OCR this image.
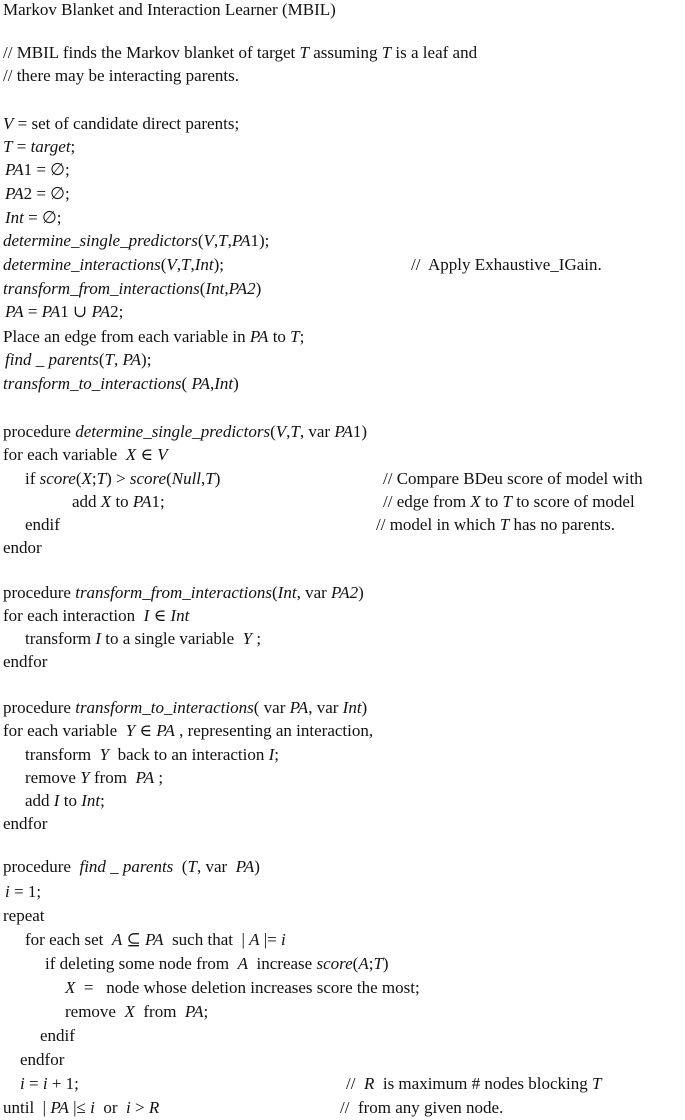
Markov Blanket and Interaction Learner (MBIL)
// MBIL finds the Markov blanket of target T assuming T is a leaf and
// there may be interacting parents.
V = set of candidate direct parents;
T = target;
PA1 = ∅;
PA2 = ∅;
Int = ∅;
determine_single_predictors(V,T,PA1);
determine_interactions(V,T,Int);
transform_from_interactions(Int,PA2)
PA = PA1 ∪ PA2;
Place an edge from each variable in PA to T;
find _ parents(T, PA);
transform_to_interactions( PA,Int)
procedure determine_single_predictors(V,T, var PA1)
for each variable  X ∈ V
if score(X;T) > score(Null,T)
add X to PA1;
endif
endor
procedure transform_from_interactions(Int, var PA2)
for each interaction  I ∈ Int
transform I to a single variable  Y ;
endfor
procedure transform_to_interactions( var PA, var Int)
for each variable  Y ∈ PA , representing an interaction,
transform  Y  back to an interaction I;
remove Y from  PA ;
add I to Int;
endfor
procedure  find _ parents  (T, var  PA)
i = 1;
repeat
for each set  A ⊆ PA  such that  | A |= i
if deleting some node from  A  increase score(A;T)
X  =   node whose deletion increases score the most;
remove  X  from  PA;
endif
endfor
i = i + 1;
until  | PA |≤ i  or  i > R
//  Apply Exhaustive_IGain.
// Compare BDeu score of model with
// edge from X to T to score of model
// model in which T has no parents.
//  R  is maximum # nodes blocking T
//  from any given node.
